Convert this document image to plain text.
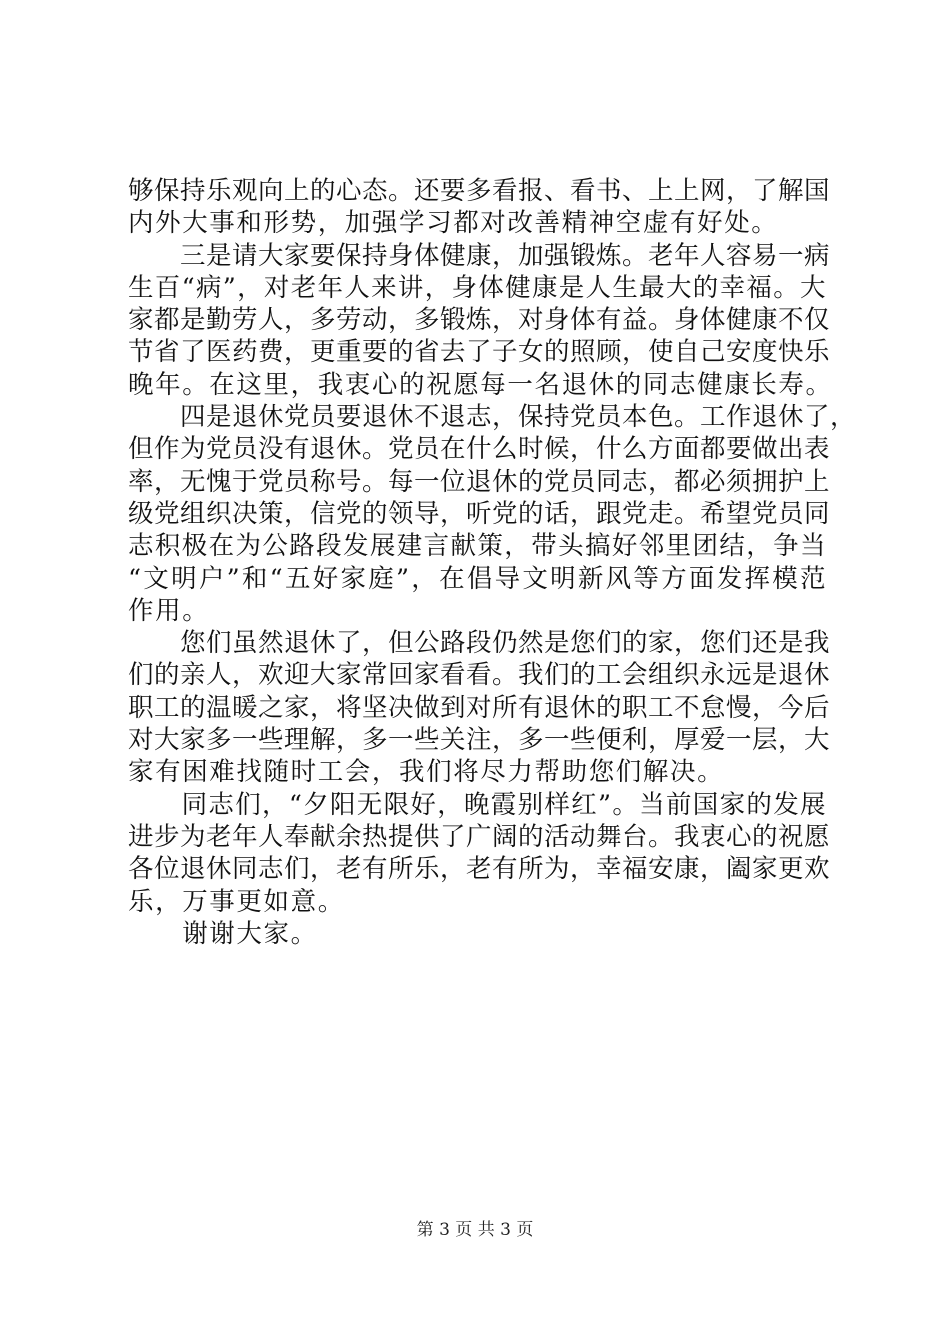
够保持乐观向上的心态。还要多看报、看书、上上网，了解国
内外大事和形势，加强学习都对改善精神空虚有好处。
　　三是请大家要保持身体健康，加强锻炼。老年人容易一病
生百“病”，对老年人来讲，身体健康是人生最大的幸福。大
家都是勤劳人，多劳动，多锻炼，对身体有益。身体健康不仅
节省了医药费，更重要的省去了子女的照顾，使自己安度快乐
晚年。在这里，我衷心的祝愿每一名退休的同志健康长寿。
　　四是退休党员要退休不退志，保持党员本色。工作退休了，
但作为党员没有退休。党员在什么时候，什么方面都要做出表
率，无愧于党员称号。每一位退休的党员同志，都必须拥护上
级党组织决策，信党的领导，听党的话，跟党走。希望党员同
志积极在为公路段发展建言献策，带头搞好邻里团结，争当
“文明户”和“五好家庭”，在倡导文明新风等方面发挥模范
作用。
　　您们虽然退休了，但公路段仍然是您们的家，您们还是我
们的亲人，欢迎大家常回家看看。我们的工会组织永远是退休
职工的温暖之家，将坚决做到对所有退休的职工不怠慢，今后
对大家多一些理解，多一些关注，多一些便利，厚爱一层，大
家有困难找随时工会，我们将尽力帮助您们解决。
　　同志们，“夕阳无限好，晚霞别样红”。当前国家的发展
进步为老年人奉献余热提供了广阔的活动舞台。我衷心的祝愿
各位退休同志们，老有所乐，老有所为，幸福安康，阖家更欢
乐，万事更如意。
　　谢谢大家。
第 3 页 共 3 页
